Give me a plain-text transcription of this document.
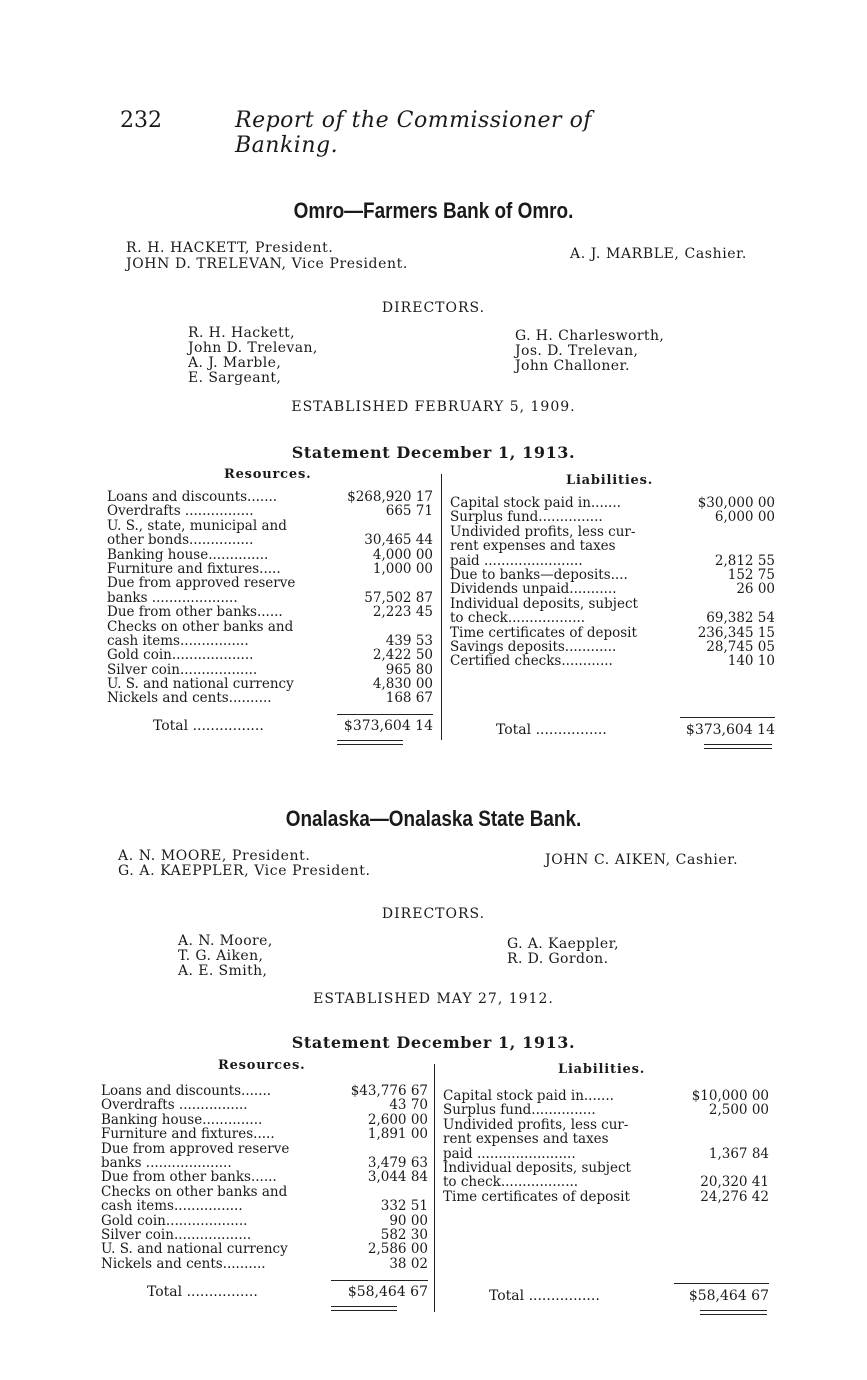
232	Report of the Commissioner of Banking.
Omro—Farmers Bank of Omro.
R. H. HACKETT, President.
JOHN D. TRELEVAN, Vice President.
A. J. MARBLE, Cashier.
DIRECTORS.
R. H. Hackett,
John D. Trelevan,
A. J. Marble,
E. Sargeant,
G. H. Charlesworth,
Jos. D. Trelevan,
John Challoner.
ESTABLISHED FEBRUARY 5, 1909.
Statement December 1, 1913.
Resources.	Liabilities.
Loans and discounts.......	$268,920 17
Overdrafts ................	665 71
U. S., state, municipal and
other bonds...............	30,465 44
Banking house..............	4,000 00
Furniture and fixtures.....	1,000 00
Due from approved reserve
banks ....................	57,502 87
Due from other banks......	2,223 45
Checks on other banks and
cash items................	439 53
Gold coin...................	2,422 50
Silver coin..................	965 80
U. S. and national currency	4,830 00
Nickels and cents..........	168 67
Total ................	$373,604 14
Capital stock paid in.......	$30,000 00
Surplus fund...............	6,000 00
Undivided profits, less cur-
rent expenses and taxes
paid .......................	2,812 55
Due to banks—deposits....	152 75
Dividends unpaid...........	26 00
Individual deposits, subject
to check..................	69,382 54
Time certificates of deposit	236,345 15
Savings deposits............	28,745 05
Certified checks............	140 10
Total ................	$373,604 14
Onalaska—Onalaska State Bank.
A. N. MOORE, President.
G. A. KAEPPLER, Vice President.
JOHN C. AIKEN, Cashier.
DIRECTORS.
A. N. Moore,
T. G. Aiken,
A. E. Smith,
G. A. Kaeppler,
R. D. Gordon.
ESTABLISHED MAY 27, 1912.
Statement December 1, 1913.
Resources.	Liabilities.
Loans and discounts.......	$43,776 67
Overdrafts ................	43 70
Banking house..............	2,600 00
Furniture and fixtures.....	1,891 00
Due from approved reserve
banks ....................	3,479 63
Due from other banks......	3,044 84
Checks on other banks and
cash items................	332 51
Gold coin...................	90 00
Silver coin..................	582 30
U. S. and national currency	2,586 00
Nickels and cents..........	38 02
Total ................	$58,464 67
Capital stock paid in.......	$10,000 00
Surplus fund...............	2,500 00
Undivided profits, less cur-
rent expenses and taxes
paid .......................	1,367 84
Individual deposits, subject
to check..................	20,320 41
Time certificates of deposit	24,276 42
Total ................	$58,464 67
